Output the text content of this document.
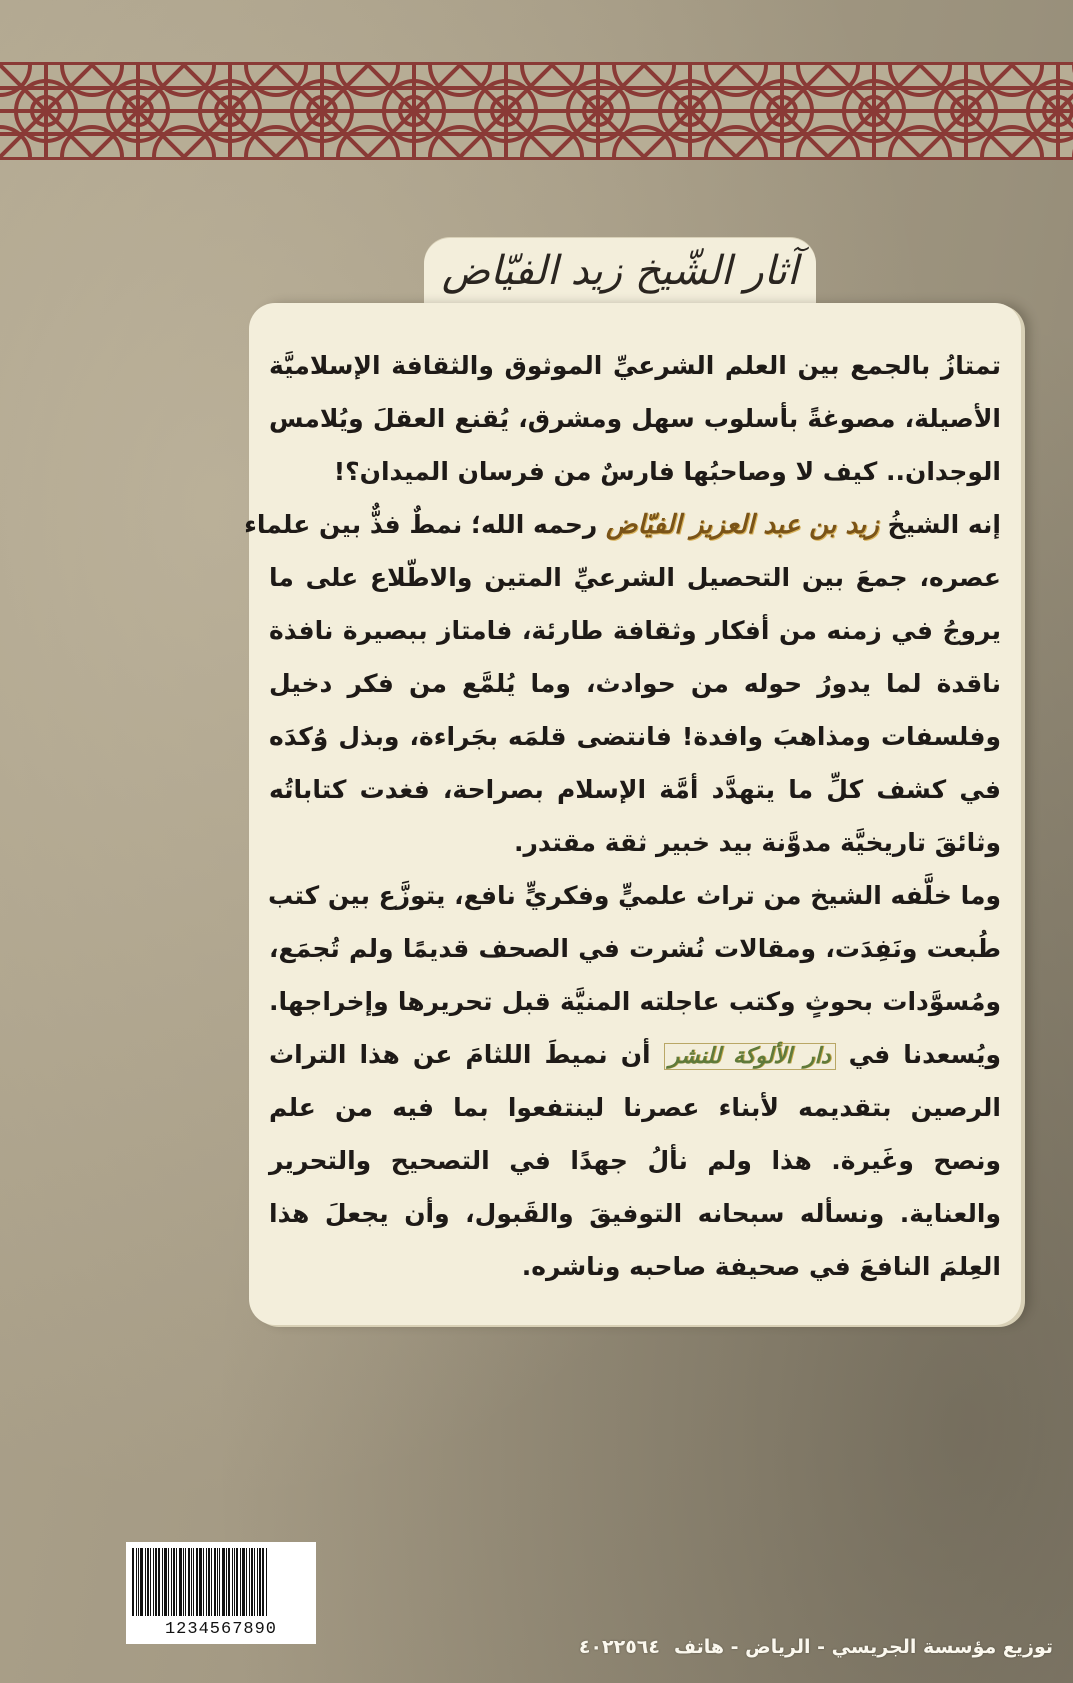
آثار الشّيخ زيد الفيّاض
تمتازُ بالجمع بين العلم الشرعيِّ الموثوق والثقافة الإسلاميَّة
الأصيلة، مصوغةً بأسلوب سهل ومشرق، يُقنع العقلَ ويُلامس
الوجدان.. كيف لا وصاحبُها فارسٌ من فرسان الميدان؟!
إنه الشيخُ زيد بن عبد العزيز الفيّاض رحمه الله؛ نمطٌ فذٌّ بين علماء
عصره، جمعَ بين التحصيل الشرعيِّ المتين والاطّلاع على ما
يروجُ في زمنه من أفكار وثقافة طارئة، فامتاز ببصيرة نافذة
ناقدة لما يدورُ حوله من حوادث، وما يُلمَّع من فكر دخيل
وفلسفات ومذاهبَ وافدة! فانتضى قلمَه بجَراءة، وبذل وُكدَه
في كشف كلِّ ما يتهدَّد أمَّة الإسلام بصراحة، فغدت كتاباتُه
وثائقَ تاريخيَّة مدوَّنة بيد خبير ثقة مقتدر.
وما خلَّفه الشيخ من تراث علميٍّ وفكريٍّ نافع، يتوزَّع بين كتب
طُبعت ونَفِدَت، ومقالات نُشرت في الصحف قديمًا ولم تُجمَع،
ومُسوَّدات بحوثٍ وكتب عاجلته المنيَّة قبل تحريرها وإخراجها.
ويُسعدنا في دار الألوكة للنشر أن نميطَ اللثامَ عن هذا التراث
الرصين بتقديمه لأبناء عصرنا لينتفعوا بما فيه من علم
ونصح وغَيرة. هذا ولم نألُ جهدًا في التصحيح والتحرير
والعناية. ونسأله سبحانه التوفيقَ والقَبول، وأن يجعلَ هذا
العِلمَ النافعَ في صحيفة صاحبه وناشره.
1234567890
توزيع مؤسسة الجريسي - الرياض - هاتف٤٠٢٢٥٦٤
